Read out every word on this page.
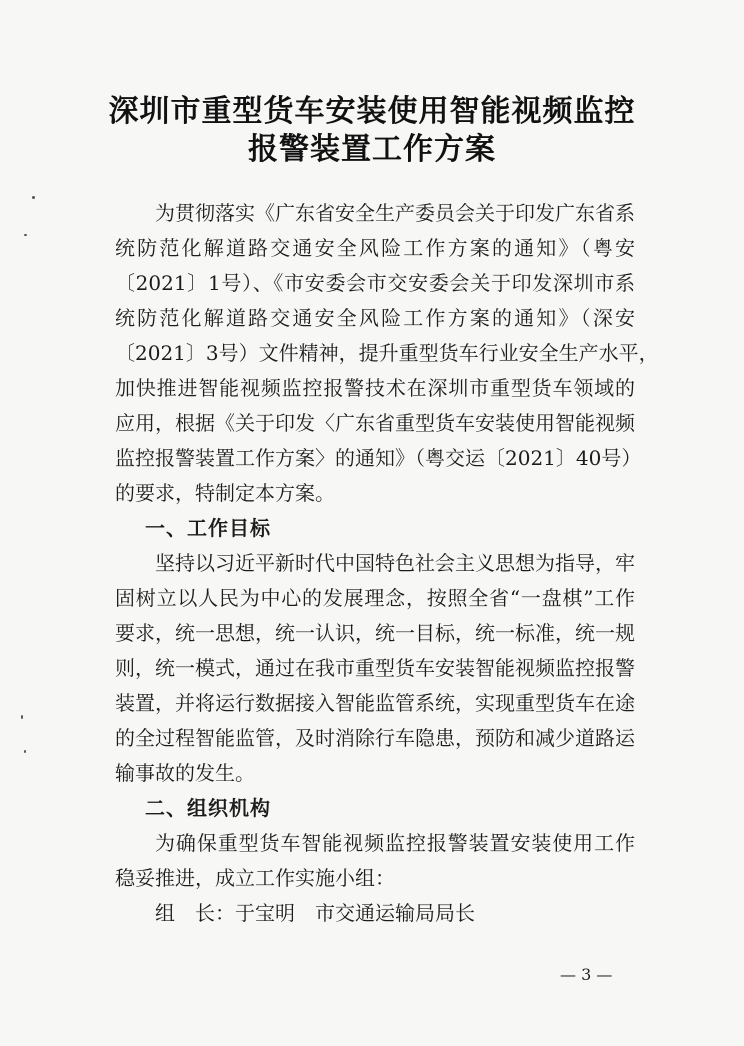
深圳市重型货车安装使用智能视频监控
报警装置工作方案
为贯彻落实《广东省安全生产委员会关于印发广东省系
统防范化解道路交通安全风险工作方案的通知》（粤安
〔2021〕1号）、《市安委会市交安委会关于印发深圳市系
统防范化解道路交通安全风险工作方案的通知》（深安
〔2021〕3号）文件精神，提升重型货车行业安全生产水平，
加快推进智能视频监控报警技术在深圳市重型货车领域的
应用，根据《关于印发〈广东省重型货车安装使用智能视频
监控报警装置工作方案〉的通知》（粤交运〔2021〕40号）
的要求，特制定本方案。
一、工作目标
坚持以习近平新时代中国特色社会主义思想为指导，牢
固树立以人民为中心的发展理念，按照全省“一盘棋”工作
要求，统一思想，统一认识，统一目标，统一标准，统一规
则，统一模式，通过在我市重型货车安装智能视频监控报警
装置，并将运行数据接入智能监管系统，实现重型货车在途
的全过程智能监管，及时消除行车隐患，预防和减少道路运
输事故的发生。
二、组织机构
为确保重型货车智能视频监控报警装置安装使用工作
稳妥推进，成立工作实施小组：
组　长：于宝明　市交通运输局局长
— 3 —
